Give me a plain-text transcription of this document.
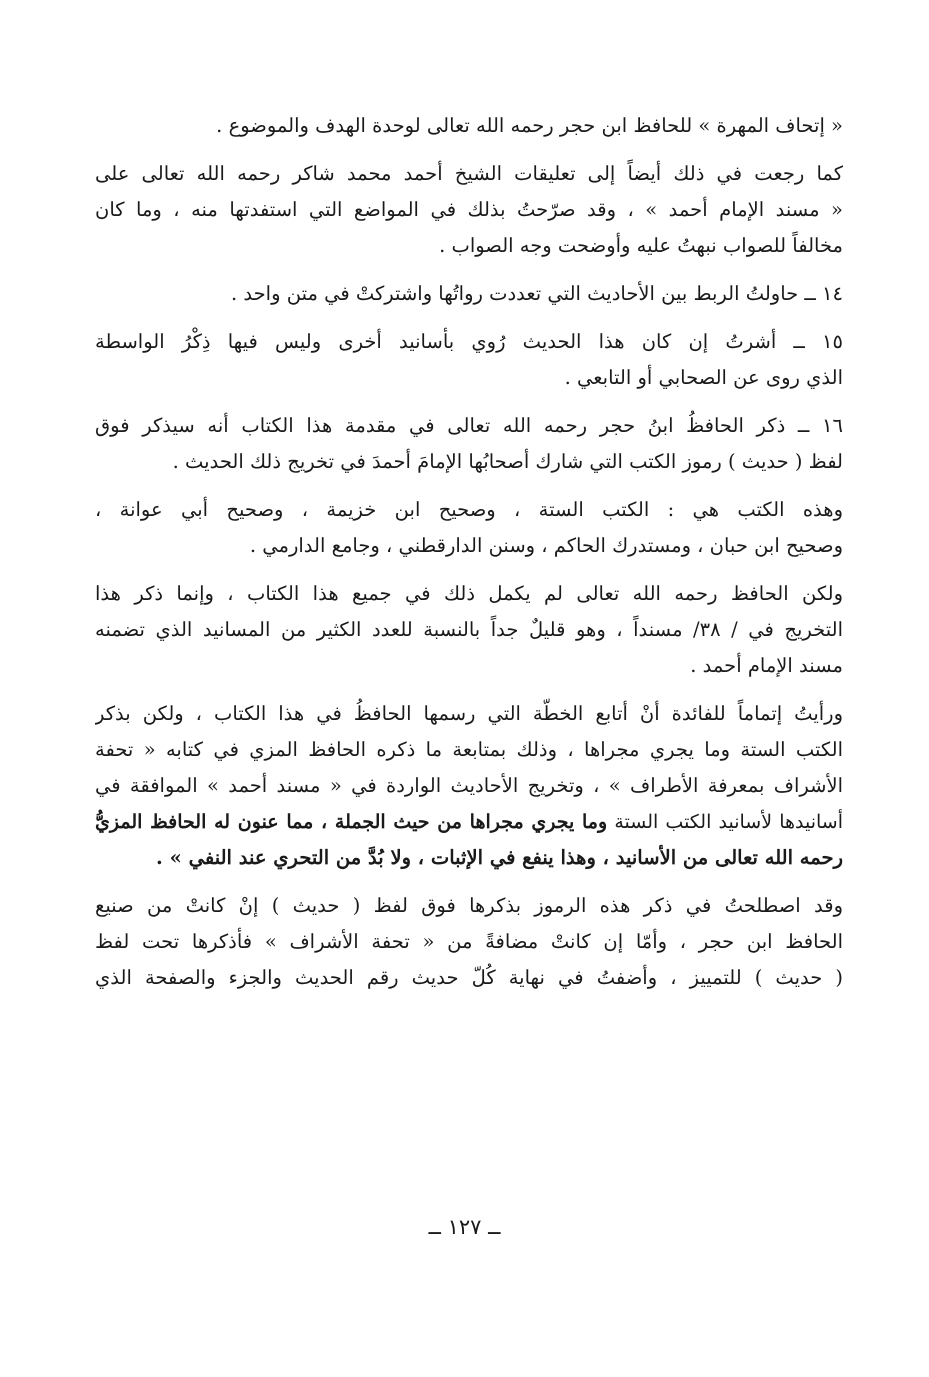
« إتحاف المهرة » للحافظ ابن حجر رحمه الله تعالى لوحدة الهدف والموضوع .
كما رجعت في ذلك أيضاً إلى تعليقات الشيخ أحمد محمد شاكر رحمه الله تعالى على
« مسند الإمام أحمد » ، وقد صرّحتُ بذلك في المواضع التي استفدتها منه ، وما كان
مخالفاً للصواب نبهتُ عليه وأوضحت وجه الصواب .
١٤ ــ حاولتُ الربط بين الأحاديث التي تعددت رواتُها واشتركتْ في متن واحد .
١٥ ــ أشرتُ إن كان هذا الحديث رُوي بأسانيد أخرى وليس فيها ذِكْرُ الواسطة
الذي روى عن الصحابي أو التابعي .
١٦ ــ ذكر الحافظُ ابنُ حجر رحمه الله تعالى في مقدمة هذا الكتاب أنه سيذكر فوق
لفظ ( حديث ) رموز الكتب التي شارك أصحابُها الإمامَ أحمدَ في تخريج ذلك الحديث .
وهذه الكتب هي : الكتب الستة ، وصحيح ابن خزيمة ، وصحيح أبي عوانة ،
وصحيح ابن حبان ، ومستدرك الحاكم ، وسنن الدارقطني ، وجامع الدارمي .
ولكن الحافظ رحمه الله تعالى لم يكمل ذلك في جميع هذا الكتاب ، وإنما ذكر هذا
التخريج في / ٣٨/ مسنداً ، وهو قليلٌ جداً بالنسبة للعدد الكثير من المسانيد الذي تضمنه
مسند الإمام أحمد .
ورأيتُ إتماماً للفائدة أنْ أتابع الخطّة التي رسمها الحافظُ في هذا الكتاب ، ولكن بذكر
الكتب الستة وما يجري مجراها ، وذلك بمتابعة ما ذكره الحافظ المزي في كتابه « تحفة
الأشراف بمعرفة الأطراف » ، وتخريج الأحاديث الواردة في « مسند أحمد » الموافقة في
أسانيدها لأسانيد الكتب الستة وما يجري مجراها من حيث الجملة ، مما عنون له الحافظ المزيُّ
رحمه الله تعالى من الأسانيد ، وهذا ينفع في الإثبات ، ولا بُدَّ من التحري عند النفي » .
وقد اصطلحتُ في ذكر هذه الرموز بذكرها فوق لفظ ( حديث ) إنْ كانتْ من صنيع
الحافظ ابن حجر ، وأمّا إن كانتْ مضافةً من « تحفة الأشراف » فأذكرها تحت لفظ
( حديث ) للتمييز ، وأضفتُ في نهاية كُلّ حديث رقم الحديث والجزء والصفحة الذي
ــ ١٢٧ ــ
